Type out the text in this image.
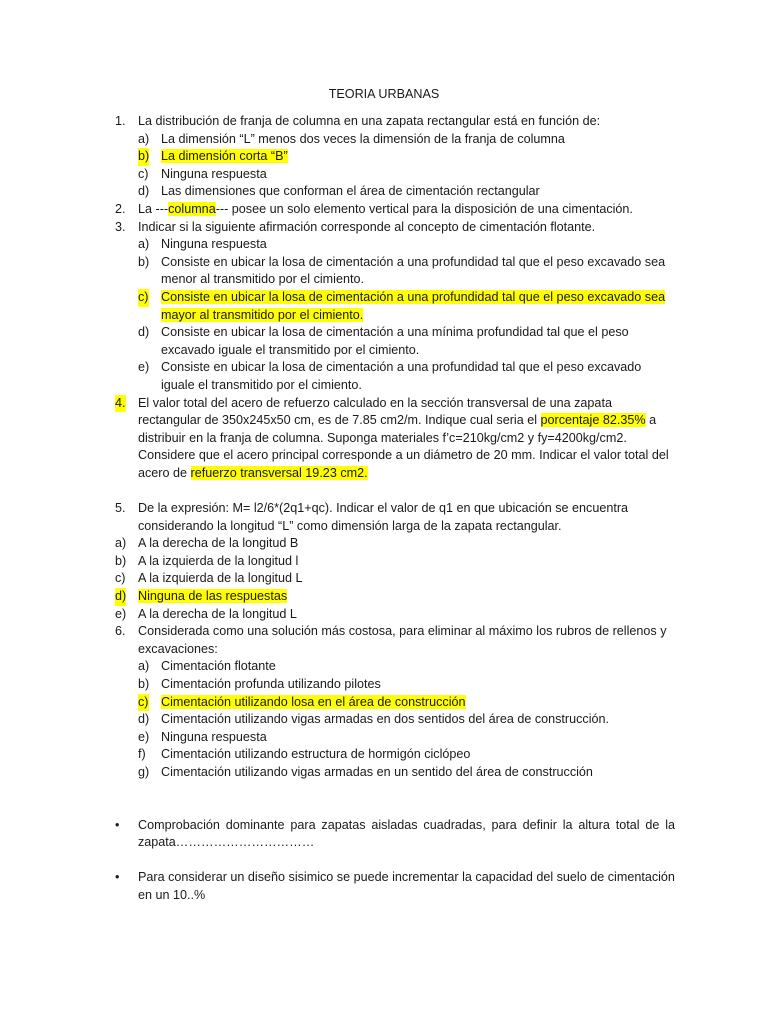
TEORIA URBANAS
1. La distribución de franja de columna en una zapata rectangular está en función de:
a) La dimensión “L” menos dos veces la dimensión de la franja de columna
b) La dimensión corta “B”
c) Ninguna respuesta
d) Las dimensiones que conforman el área de cimentación rectangular
2. La ---columna--- posee un solo elemento vertical para la disposición de una cimentación.
3. Indicar si la siguiente afirmación corresponde al concepto de cimentación flotante.
a) Ninguna respuesta
b) Consiste en ubicar la losa de cimentación a una profundidad tal que el peso excavado sea menor al transmitido por el cimiento.
c) Consiste en ubicar la losa de cimentación a una profundidad tal que el peso excavado sea mayor al transmitido por el cimiento.
d) Consiste en ubicar la losa de cimentación a una mínima profundidad tal que el peso excavado iguale el transmitido por el cimiento.
e) Consiste en ubicar la losa de cimentación a una profundidad tal que el peso excavado iguale el transmitido por el cimiento.
4. El valor total del acero de refuerzo calculado en la sección transversal de una zapata rectangular de 350x245x50 cm, es de 7.85 cm2/m. Indique cual seria el porcentaje 82.35% a distribuir en la franja de columna. Suponga materiales f’c=210kg/cm2 y fy=4200kg/cm2. Considere que el acero principal corresponde a un diámetro de 20 mm. Indicar el valor total del acero de refuerzo transversal 19.23 cm2.
5. De la expresión: M= l2/6*(2q1+qc). Indicar el valor de q1 en que ubicación se encuentra considerando la longitud “L” como dimensión larga de la zapata rectangular.
a) A la derecha de la longitud B
b) A la izquierda de la longitud l
c) A la izquierda de la longitud L
d) Ninguna de las respuestas
e) A la derecha de la longitud L
6. Considerada como una solución más costosa, para eliminar al máximo los rubros de rellenos y excavaciones:
a) Cimentación flotante
b) Cimentación profunda utilizando pilotes
c) Cimentación utilizando losa en el área de construcción
d) Cimentación utilizando vigas armadas en dos sentidos del área de construcción.
e) Ninguna respuesta
f) Cimentación utilizando estructura de hormigón ciclópeo
g) Cimentación utilizando vigas armadas en un sentido del área de construcción
• Comprobación dominante para zapatas aisladas cuadradas, para definir la altura total de la zapata……………………………
• Para considerar un diseño sisimico se puede incrementar la capacidad del suelo de cimentación en un 10..%
